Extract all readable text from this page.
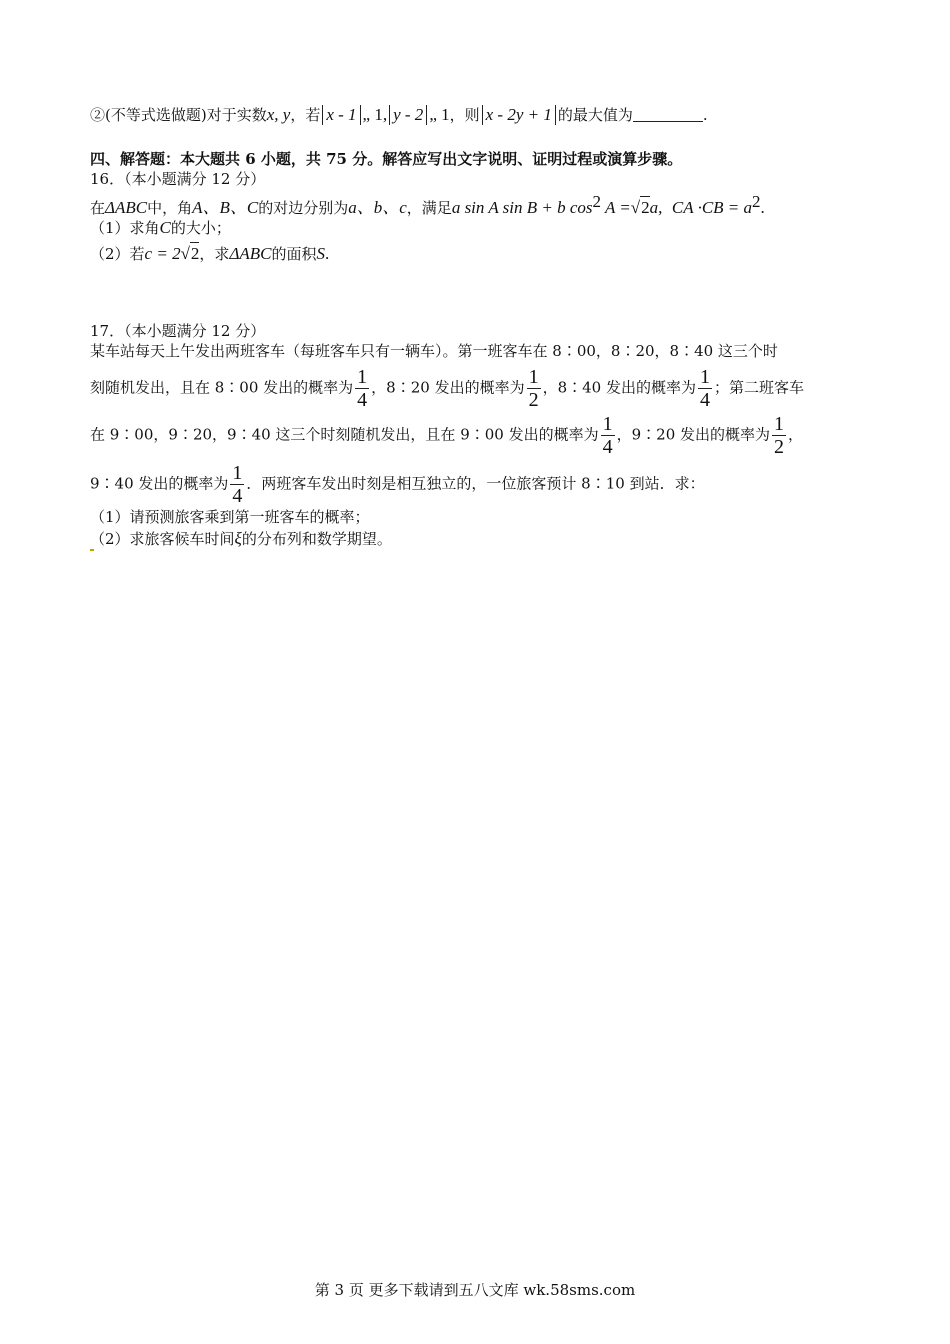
②(不等式选做题)对于实数x, y，若 x - 1 „ 1, y - 2 „ 1，则 x - 2y + 1 的最大值为	.
四、解答题：本大题共 6 小题，共 75 分。解答应写出文字说明、证明过程或演算步骤。
16．（本小题满分 12 分）
在ΔABC中，角A、B、C的对边分别为a、b、c，满足a sin A sin B + b $\cos^2 A =√2a$, CA $\cdot CB = a^2$.
（1）求角C的大小；
（2）若c = 2√2，求ΔABC的面积S.
17．（本小题满分 12 分）
某车站每天上午发出两班客车（每班客车只有一辆车）。第一班客车在 8∶00，8∶20，8∶40 这三个时
刻随机发出，且在 8∶00 发出的概率为 $\frac{1}{4}$ ，8∶20 发出的概率为 $\frac{1}{2}$ ，8∶40 发出的概率为 $\frac{1}{4}$ ；第二班客车
在 9∶00，9∶20，9∶40 这三个时刻随机发出，且在 9∶00 发出的概率为 $\frac{1}{4}$ ，9∶20 发出的概率为 $\frac{1}{2}$ ，
9∶40 发出的概率为 $\frac{1}{4}$ ．两班客车发出时刻是相互独立的，一位旅客预计 8∶10 到站．求：
（1）请预测旅客乘到第一班客车的概率；
（2）求旅客候车时间ξ的分布列和数学期望。
第 3 页 更多下载请到五八文库 wk.58sms.com
